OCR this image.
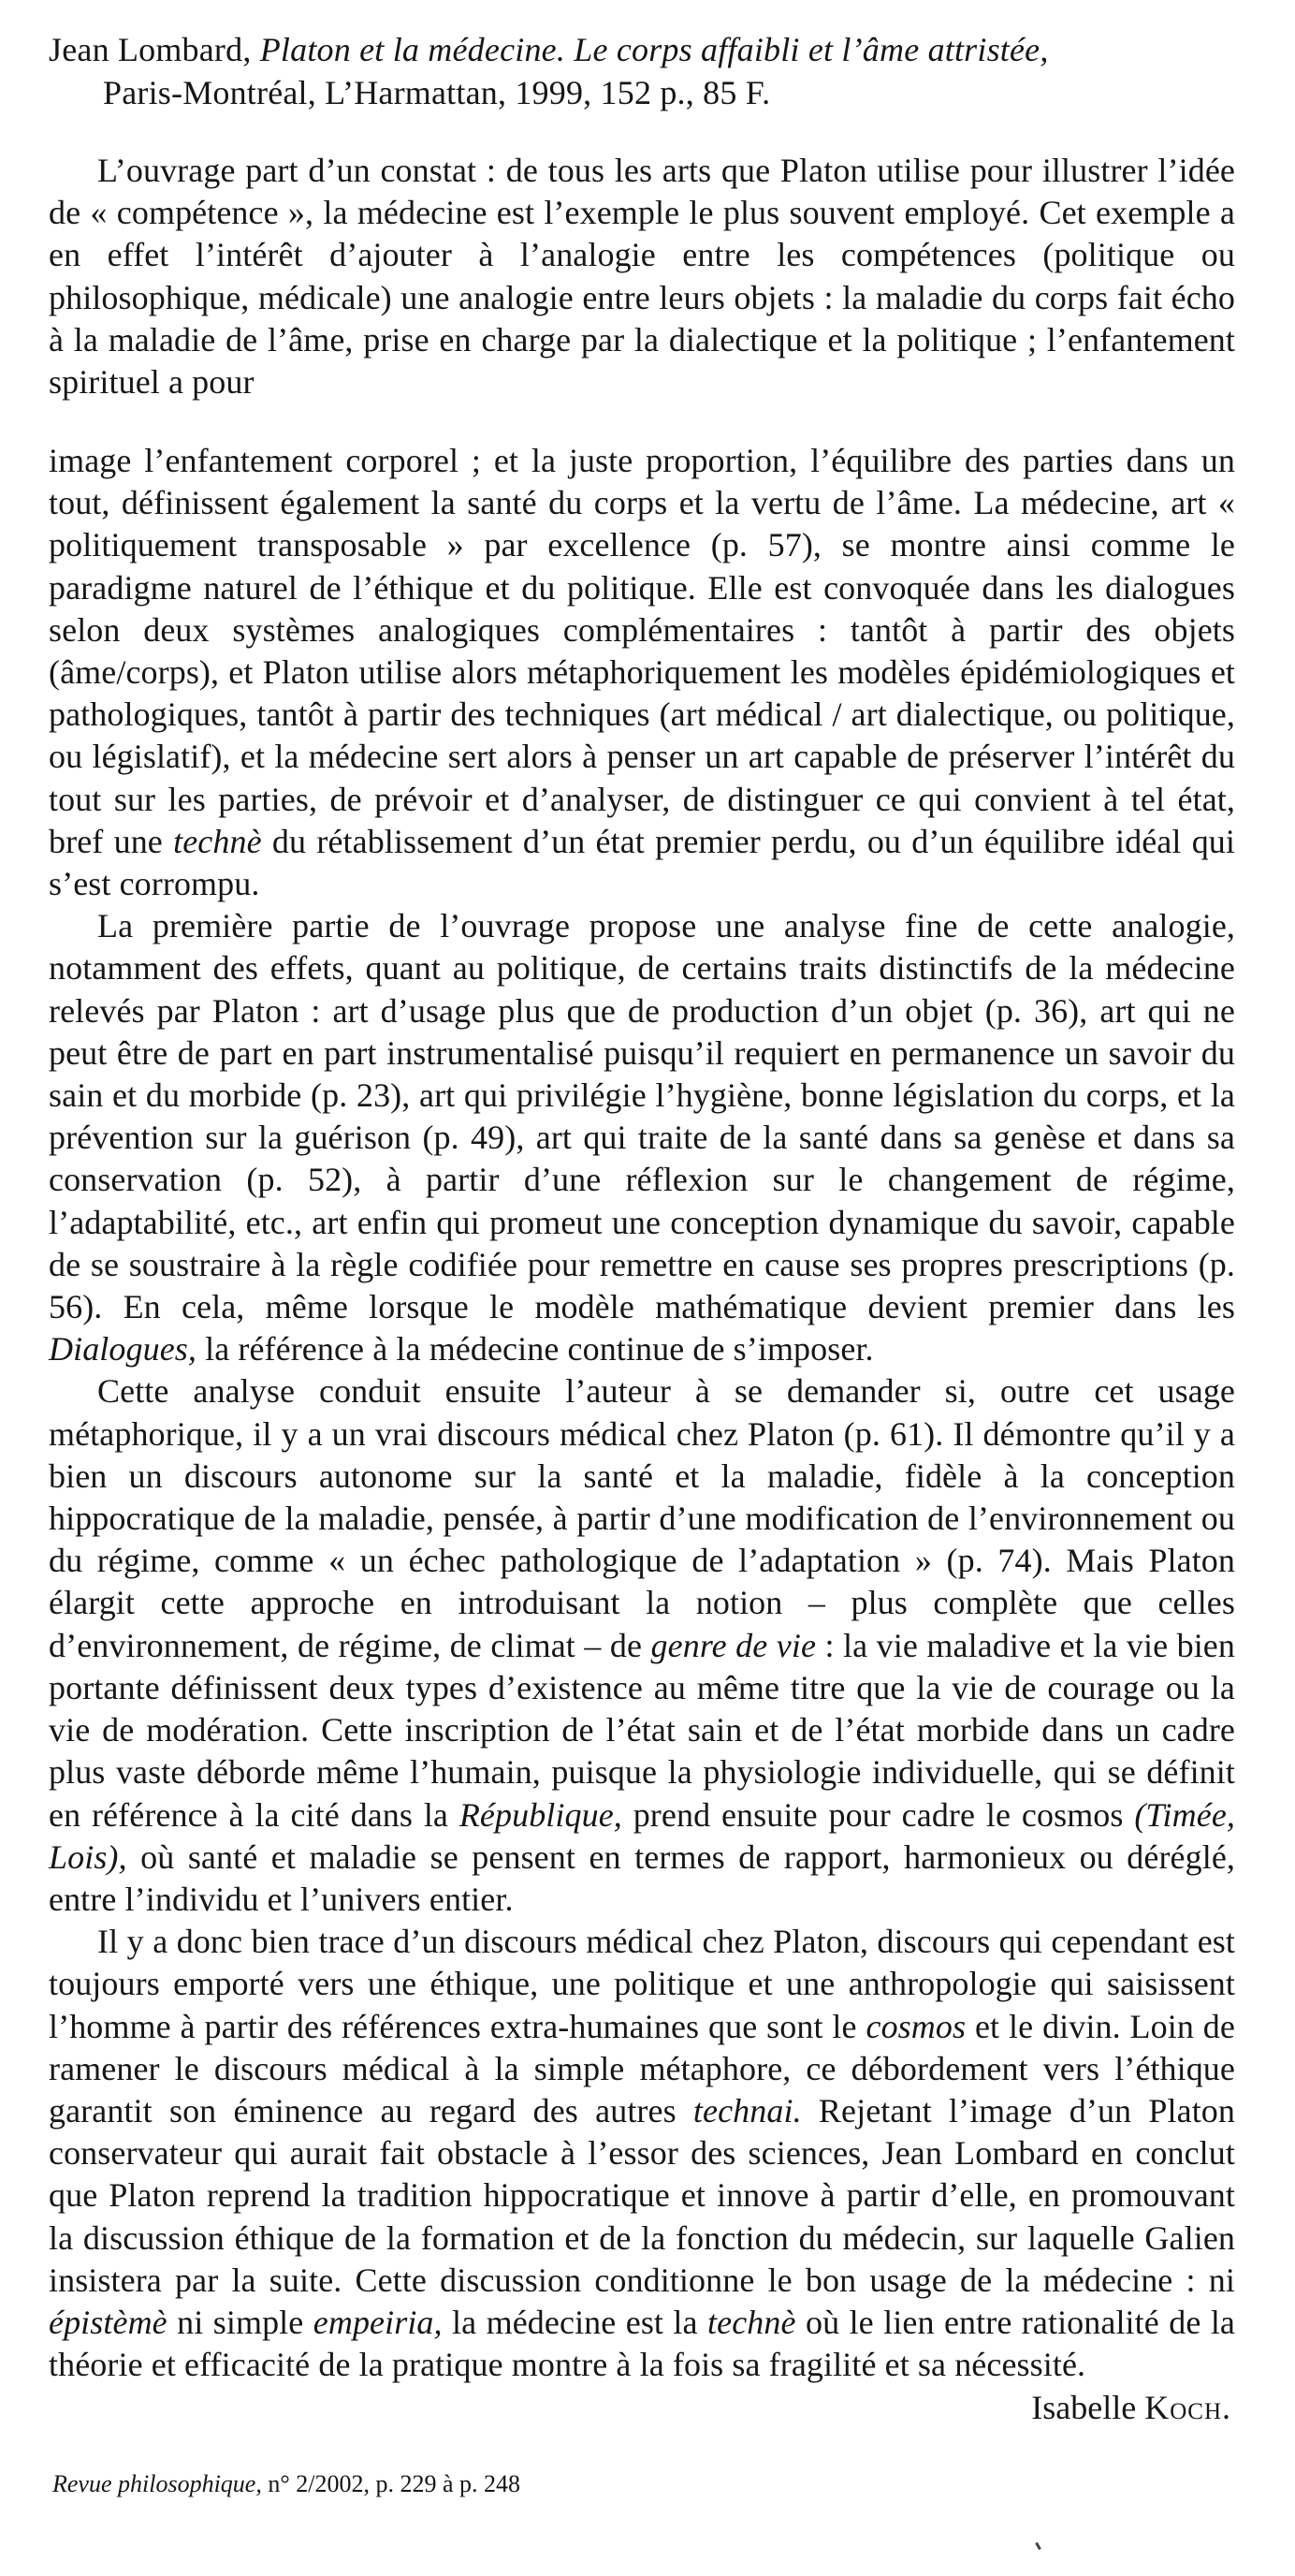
Jean Lombard, Platon et la médecine. Le corps affaibli et l’âme attristée,
Paris-Montréal, L’Harmattan, 1999, 152 p., 85 F.

L’ouvrage part d’un constat : de tous les arts que Platon utilise pour illustrer l’idée de « compétence », la médecine est l’exemple le plus souvent employé. Cet exemple a en effet l’intérêt d’ajouter à l’analogie entre les compétences (politique ou philosophique, médicale) une analogie entre leurs objets : la maladie du corps fait écho à la maladie de l’âme, prise en charge par la dialectique et la politique ; l’enfantement spirituel a pour

image l’enfantement corporel ; et la juste proportion, l’équilibre des parties dans un tout, définissent également la santé du corps et la vertu de l’âme. La médecine, art « politiquement transposable » par excellence (p. 57), se montre ainsi comme le paradigme naturel de l’éthique et du politique. Elle est convoquée dans les dialogues selon deux systèmes analogiques complémentaires : tantôt à partir des objets (âme/corps), et Platon utilise alors métaphoriquement les modèles épidémiologiques et pathologiques, tantôt à partir des techniques (art médical / art dialectique, ou politique, ou législatif), et la médecine sert alors à penser un art capable de préserver l’intérêt du tout sur les parties, de prévoir et d’analyser, de distinguer ce qui convient à tel état, bref une technè du rétablissement d’un état premier perdu, ou d’un équilibre idéal qui s’est corrompu.

La première partie de l’ouvrage propose une analyse fine de cette analogie, notamment des effets, quant au politique, de certains traits distinctifs de la médecine relevés par Platon : art d’usage plus que de production d’un objet (p. 36), art qui ne peut être de part en part instrumentalisé puisqu’il requiert en permanence un savoir du sain et du morbide (p. 23), art qui privilégie l’hygiène, bonne législation du corps, et la prévention sur la guérison (p. 49), art qui traite de la santé dans sa genèse et dans sa conservation (p. 52), à partir d’une réflexion sur le changement de régime, l’adaptabilité, etc., art enfin qui promeut une conception dynamique du savoir, capable de se soustraire à la règle codifiée pour remettre en cause ses propres prescriptions (p. 56). En cela, même lorsque le modèle mathématique devient premier dans les Dialogues, la référence à la médecine continue de s’imposer.

Cette analyse conduit ensuite l’auteur à se demander si, outre cet usage métaphorique, il y a un vrai discours médical chez Platon (p. 61). Il démontre qu’il y a bien un discours autonome sur la santé et la maladie, fidèle à la conception hippocratique de la maladie, pensée, à partir d’une modification de l’environnement ou du régime, comme « un échec pathologique de l’adaptation » (p. 74). Mais Platon élargit cette approche en introduisant la notion – plus complète que celles d’environnement, de régime, de climat – de genre de vie : la vie maladive et la vie bien portante définissent deux types d’existence au même titre que la vie de courage ou la vie de modération. Cette inscription de l’état sain et de l’état morbide dans un cadre plus vaste déborde même l’humain, puisque la physiologie individuelle, qui se définit en référence à la cité dans la République, prend ensuite pour cadre le cosmos (Timée, Lois), où santé et maladie se pensent en termes de rapport, harmonieux ou déréglé, entre l’individu et l’univers entier.

Il y a donc bien trace d’un discours médical chez Platon, discours qui cependant est toujours emporté vers une éthique, une politique et une anthropologie qui saisissent l’homme à partir des références extra-humaines que sont le cosmos et le divin. Loin de ramener le discours médical à la simple métaphore, ce débordement vers l’éthique garantit son éminence au regard des autres technai. Rejetant l’image d’un Platon conservateur qui aurait fait obstacle à l’essor des sciences, Jean Lombard en conclut que Platon reprend la tradition hippocratique et innove à partir d’elle, en promouvant la discussion éthique de la formation et de la fonction du médecin, sur laquelle Galien insistera par la suite. Cette discussion conditionne le bon usage de la médecine : ni épistèmè ni simple empeiria, la médecine est la technè où le lien entre rationalité de la théorie et efficacité de la pratique montre à la fois sa fragilité et sa nécessité.

Isabelle Koch.
Revue philosophique, n° 2/2002, p. 229 à p. 248
